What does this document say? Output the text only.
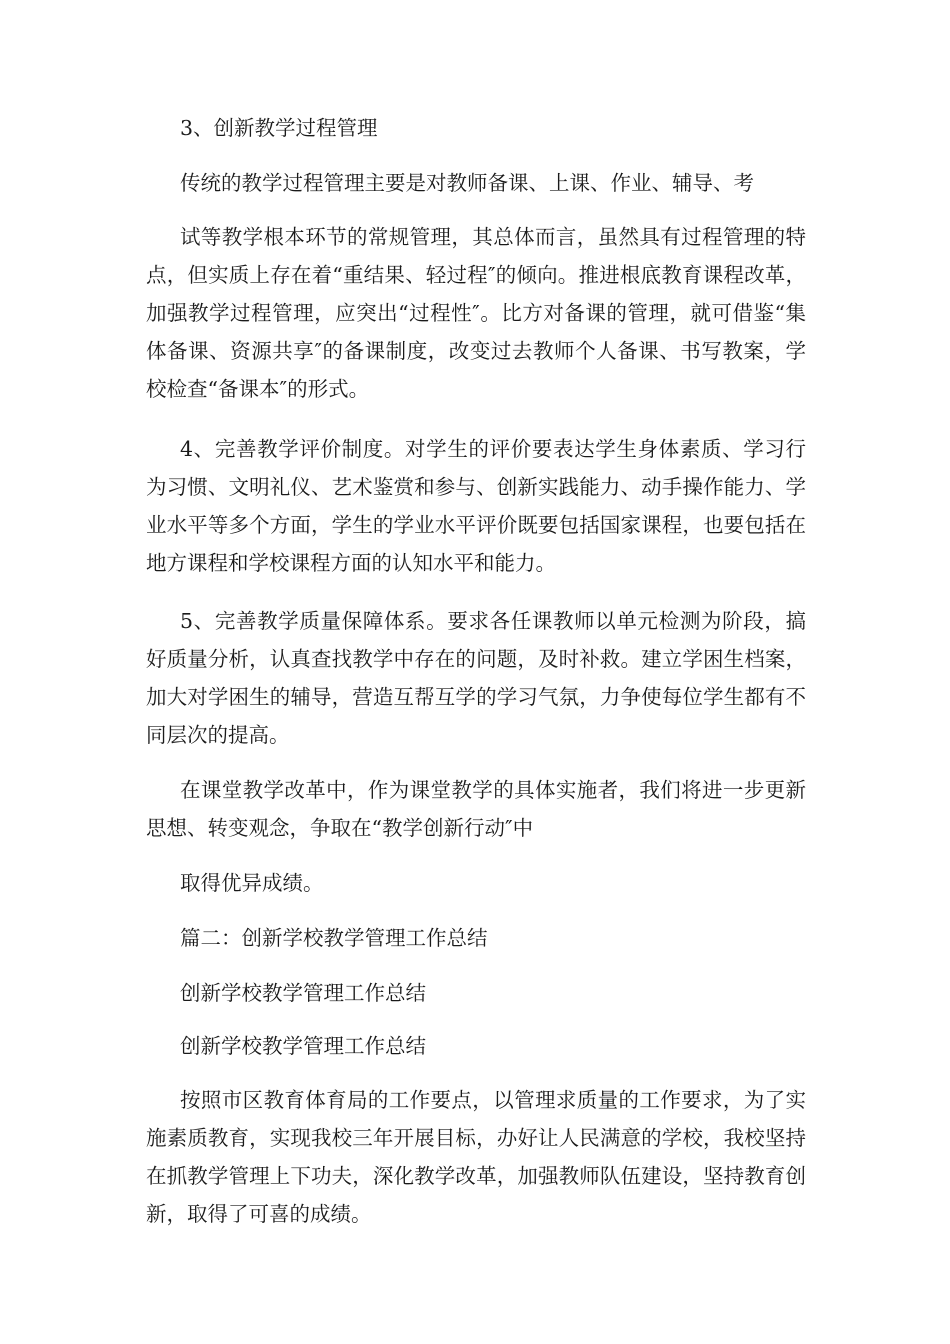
3、创新教学过程管理
传统的教学过程管理主要是对教师备课、上课、作业、辅导、考

试等教学根本环节的常规管理，其总体而言，虽然具有过程管理的特点，但实质上存在着“重结果、轻过程″的倾向。推进根底教育课程改革，加强教学过程管理，应突出“过程性″。比方对备课的管理，就可借鉴“集体备课、资源共享″的备课制度，改变过去教师个人备课、书写教案，学校检查“备课本″的形式。

4、完善教学评价制度。对学生的评价要表达学生身体素质、学习行为习惯、文明礼仪、艺术鉴赏和参与、创新实践能力、动手操作能力、学业水平等多个方面，学生的学业水平评价既要包括国家课程，也要包括在地方课程和学校课程方面的认知水平和能力。

5、完善教学质量保障体系。要求各任课教师以单元检测为阶段，搞好质量分析，认真查找教学中存在的问题，及时补救。建立学困生档案，加大对学困生的辅导，营造互帮互学的学习气氛，力争使每位学生都有不同层次的提高。

在课堂教学改革中，作为课堂教学的具体实施者，我们将进一步更新思想、转变观念，争取在“教学创新行动″中

取得优异成绩。
篇二：创新学校教学管理工作总结
创新学校教学管理工作总结
创新学校教学管理工作总结

按照市区教育体育局的工作要点，以管理求质量的工作要求，为了实施素质教育，实现我校三年开展目标，办好让人民满意的学校，我校坚持在抓教学管理上下功夫，深化教学改革，加强教师队伍建设，坚持教育创新，取得了可喜的成绩。
